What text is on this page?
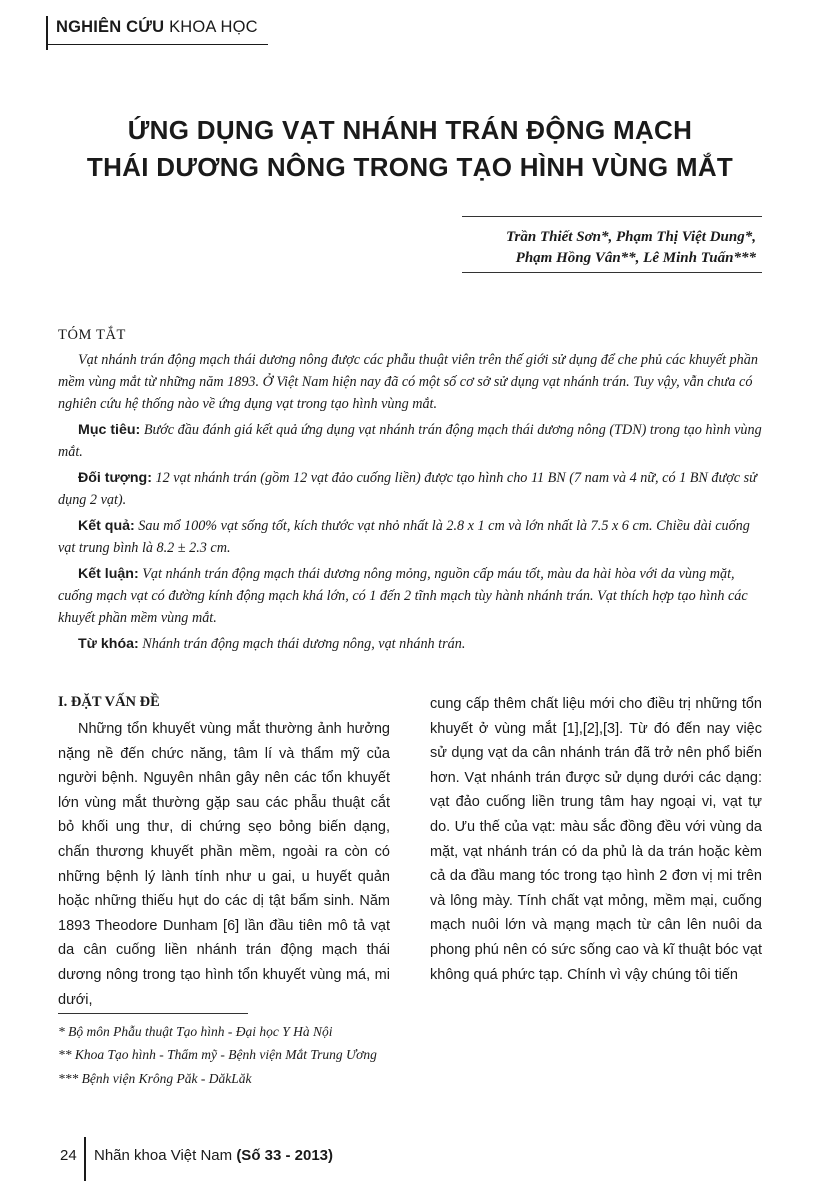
NGHIÊN CỨU KHOA HỌC
ỨNG DỤNG VẠT NHÁNH TRÁN ĐỘNG MẠCH
THÁI DƯƠNG NÔNG TRONG TẠO HÌNH VÙNG MẮT
Trần Thiết Sơn*, Phạm Thị Việt Dung*,
Phạm Hồng Vân**, Lê Minh Tuấn***

TÓM TẮT

Vạt nhánh trán động mạch thái dương nông được các phẫu thuật viên trên thế giới sử dụng để che phủ các khuyết phần mềm vùng mắt từ những năm 1893. Ở Việt Nam hiện nay đã có một số cơ sở sử dụng vạt nhánh trán. Tuy vậy, vẫn chưa có nghiên cứu hệ thống nào về ứng dụng vạt trong tạo hình vùng mắt.

Mục tiêu: Bước đầu đánh giá kết quả ứng dụng vạt nhánh trán động mạch thái dương nông (TDN) trong tạo hình vùng mắt.

Đối tượng: 12 vạt nhánh trán (gồm 12 vạt đảo cuống liền) được tạo hình cho 11 BN (7 nam và 4 nữ, có 1 BN được sử dụng 2 vạt).

Kết quả: Sau mổ 100% vạt sống tốt, kích thước vạt nhỏ nhất là 2.8 x 1 cm và lớn nhất là 7.5 x 6 cm. Chiều dài cuống vạt trung bình là 8.2 ± 2.3 cm.

Kết luận: Vạt nhánh trán động mạch thái dương nông mỏng, nguồn cấp máu tốt, màu da hài hòa với da vùng mặt, cuống mạch vạt có đường kính động mạch khá lớn, có 1 đến 2 tĩnh mạch tùy hành nhánh trán. Vạt thích hợp tạo hình các khuyết phần mềm vùng mắt.

Từ khóa: Nhánh trán động mạch thái dương nông, vạt nhánh trán.

I. ĐẶT VẤN ĐỀ
Những tổn khuyết vùng mắt thường ảnh hưởng nặng nề đến chức năng, tâm lí và thẩm mỹ của người bệnh. Nguyên nhân gây nên các tổn khuyết lớn vùng mắt thường gặp sau các phẫu thuật cắt bỏ khối ung thư, di chứng sẹo bỏng biến dạng, chấn thương khuyết phần mềm, ngoài ra còn có những bệnh lý lành tính như u gai, u huyết quản hoặc những thiếu hụt do các dị tật bẩm sinh. Năm 1893 Theodore Dunham [6] lần đầu tiên mô tả vạt da cân cuống liền nhánh trán động mạch thái dương nông trong tạo hình tổn khuyết vùng má, mi dưới,
cung cấp thêm chất liệu mới cho điều trị những tổn khuyết ở vùng mắt [1],[2],[3]. Từ đó đến nay việc sử dụng vạt da cân nhánh trán đã trở nên phổ biến hơn. Vạt nhánh trán được sử dụng dưới các dạng: vạt đảo cuống liền trung tâm hay ngoại vi, vạt tự do. Ưu thế của vạt: màu sắc đồng đều với vùng da mặt, vạt nhánh trán có da phủ là da trán hoặc kèm cả da đầu mang tóc trong tạo hình 2 đơn vị mi trên và lông mày. Tính chất vạt mỏng, mềm mại, cuống mạch nuôi lớn và mạng mạch từ cân lên nuôi da phong phú nên có sức sống cao và kĩ thuật bóc vạt không quá phức tạp. Chính vì vậy chúng tôi tiến
* Bộ môn Phẫu thuật Tạo hình - Đại học Y Hà Nội
** Khoa Tạo hình - Thẩm mỹ - Bệnh viện Mắt Trung Ương
*** Bệnh viện Krông Păk - DăkLăk
24 Nhãn khoa Việt Nam (Số 33 - 2013)
